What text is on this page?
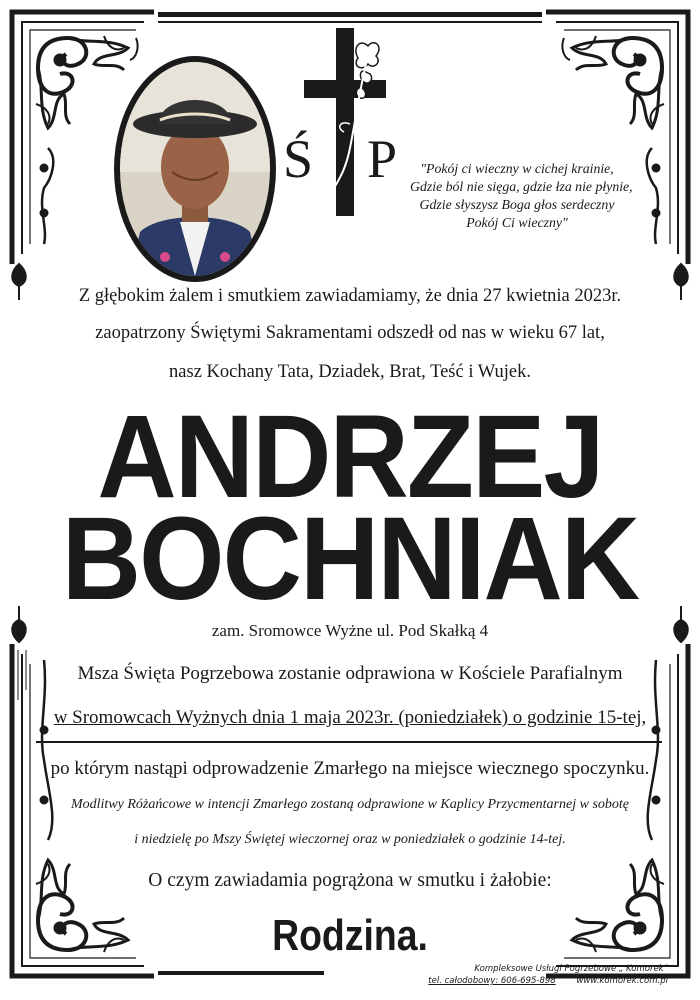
Ś P	"Pokój ci wieczny w cichej krainie,
Gdzie ból nie sięga, gdzie łza nie płynie,
Gdzie słyszysz Boga głos serdeczny
Pokój Ci wieczny"
Z głębokim żalem i smutkiem zawiadamiamy, że dnia 27 kwietnia 2023r.
zaopatrzony Świętymi Sakramentami odszedł od nas w wieku 67 lat,
nasz Kochany Tata, Dziadek, Brat, Teść i Wujek.
ANDRZEJ
BOCHNIAK
zam. Sromowce Wyżne ul. Pod Skałką 4
Msza Święta Pogrzebowa zostanie odprawiona w Kościele Parafialnym
w Sromowcach Wyżnych dnia 1 maja 2023r. (poniedziałek) o godzinie 15-tej,
po którym nastąpi odprowadzenie Zmarłego na miejsce wiecznego spoczynku.
Modlitwy Różańcowe w intencji Zmarłego zostaną odprawione w Kaplicy Przycmentarnej w sobotę
i niedzielę po Mszy Świętej wieczornej oraz w poniedziałek o godzinie 14-tej.
O czym zawiadamia pogrążona w smutku i żałobie:
Rodzina.
Kompleksowe Usługi Pogrzebowe „ Komorek”
tel. całodobowy: 606-695-898 www.komorek.com.pl
